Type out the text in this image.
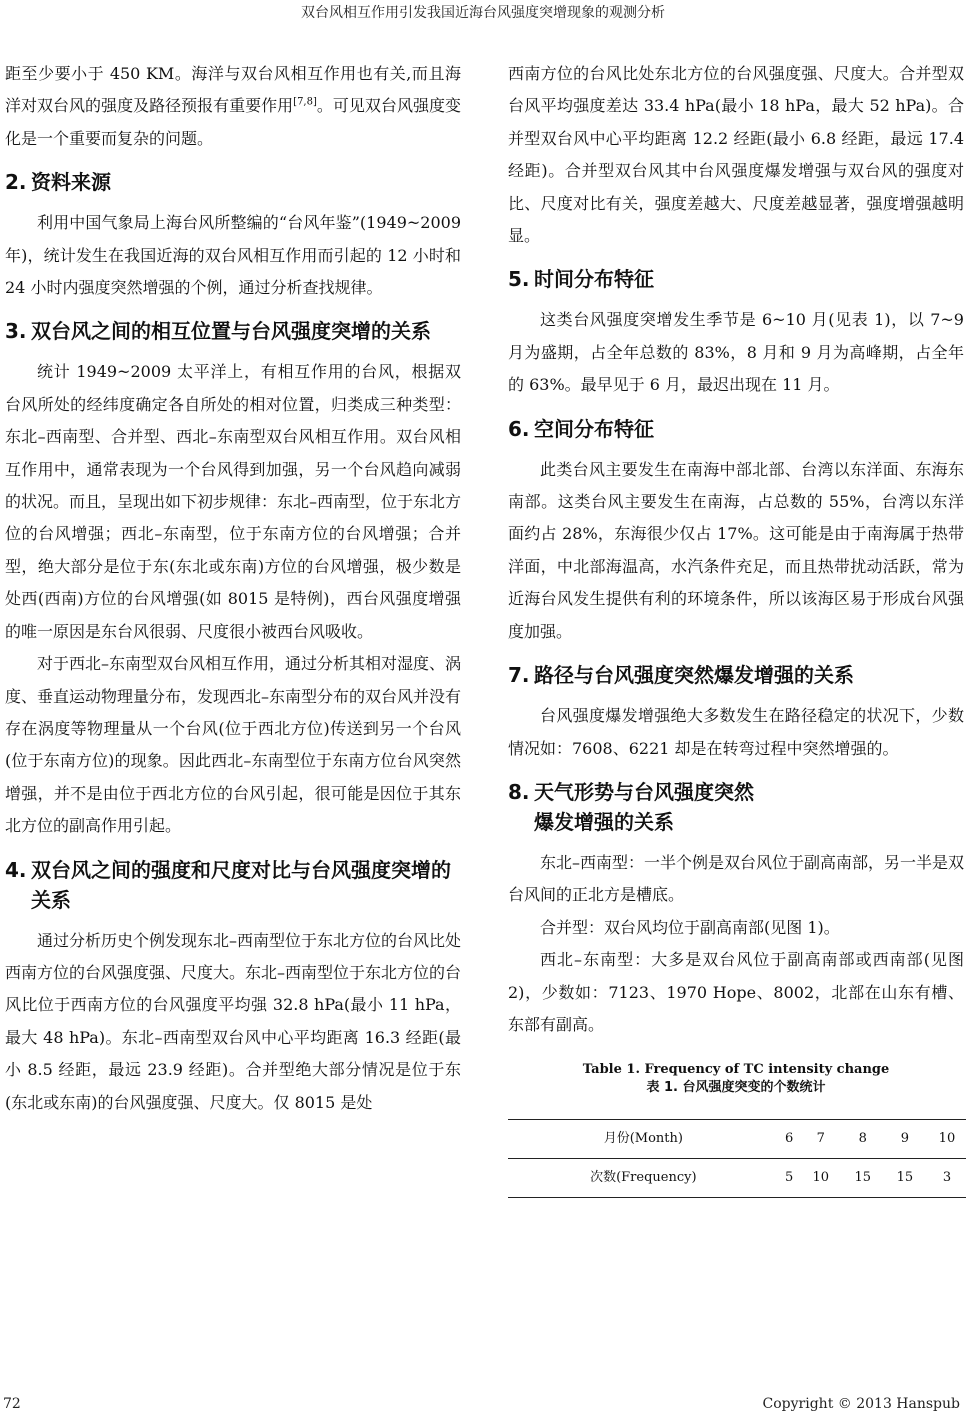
双台风相互作用引发我国近海台风强度突增现象的观测分析

距至少要小于 450 KM。海洋与双台风相互作用也有关,而且海洋对双台风的强度及路径预报有重要作用[7,8]。可见双台风强度变化是一个重要而复杂的问题。

2. 资料来源

利用中国气象局上海台风所整编的“台风年鉴”(1949~2009 年)，统计发生在我国近海的双台风相互作用而引起的 12 小时和 24 小时内强度突然增强的个例，通过分析查找规律。

3. 双台风之间的相互位置与台风强度突增的关系

统计 1949~2009 太平洋上，有相互作用的台风，根据双台风所处的经纬度确定各自所处的相对位置，归类成三种类型：东北–西南型、合并型、西北–东南型双台风相互作用。双台风相互作用中，通常表现为一个台风得到加强，另一个台风趋向减弱的状况。而且，呈现出如下初步规律：东北–西南型，位于东北方位的台风增强；西北–东南型，位于东南方位的台风增强；合并型，绝大部分是位于东(东北或东南)方位的台风增强，极少数是处西(西南)方位的台风增强(如 8015 是特例)，西台风强度增强的唯一原因是东台风很弱、尺度很小被西台风吸收。

对于西北–东南型双台风相互作用，通过分析其相对湿度、涡度、垂直运动物理量分布，发现西北–东南型分布的双台风并没有存在涡度等物理量从一个台风(位于西北方位)传送到另一个台风(位于东南方位)的现象。因此西北–东南型位于东南方位台风突然增强，并不是由位于西北方位的台风引起，很可能是因位于其东北方位的副高作用引起。

4. 双台风之间的强度和尺度对比与台风强度突增的关系

通过分析历史个例发现东北–西南型位于东北方位的台风比处西南方位的台风强度强、尺度大。东北–西南型位于东北方位的台风比位于西南方位的台风强度平均强 32.8 hPa(最小 11 hPa，最大 48 hPa)。东北–西南型双台风中心平均距离 16.3 经距(最小 8.5 经距，最远 23.9 经距)。合并型绝大部分情况是位于东(东北或东南)的台风强度强、尺度大。仅 8015 是处

西南方位的台风比处东北方位的台风强度强、尺度大。合并型双台风平均强度差达 33.4 hPa(最小 18 hPa，最大 52 hPa)。合并型双台风中心平均距离 12.2 经距(最小 6.8 经距，最远 17.4 经距)。合并型双台风其中台风强度爆发增强与双台风的强度对比、尺度对比有关，强度差越大、尺度差越显著，强度增强越明显。

5. 时间分布特征

这类台风强度突增发生季节是 6~10 月(见表 1)，以 7~9 月为盛期，占全年总数的 83%，8 月和 9 月为高峰期，占全年的 63%。最早见于 6 月，最迟出现在 11 月。

6. 空间分布特征

此类台风主要发生在南海中部北部、台湾以东洋面、东海东南部。这类台风主要发生在南海，占总数的 55%，台湾以东洋面约占 28%，东海很少仅占 17%。这可能是由于南海属于热带洋面，中北部海温高，水汽条件充足，而且热带扰动活跃，常为近海台风发生提供有利的环境条件，所以该海区易于形成台风强度加强。

7. 路径与台风强度突然爆发增强的关系

台风强度爆发增强绝大多数发生在路径稳定的状况下，少数情况如：7608、6221 却是在转弯过程中突然增强的。

8. 天气形势与台风强度突然
爆发增强的关系

东北–西南型：一半个例是双台风位于副高南部，另一半是双台风间的正北方是槽底。

合并型：双台风均位于副高南部(见图 1)。

西北–东南型：大多是双台风位于副高南部或西南部(见图 2)，少数如：7123、1970 Hope、8002，北部在山东有槽、东部有副高。

Table 1. Frequency of TC intensity change
表 1. 台风强度突变的个数统计
月份(Month)	6	7	8	9	10
次数(Frequency)	5	10	15	15	3
72	Copyright © 2013 Hanspub
